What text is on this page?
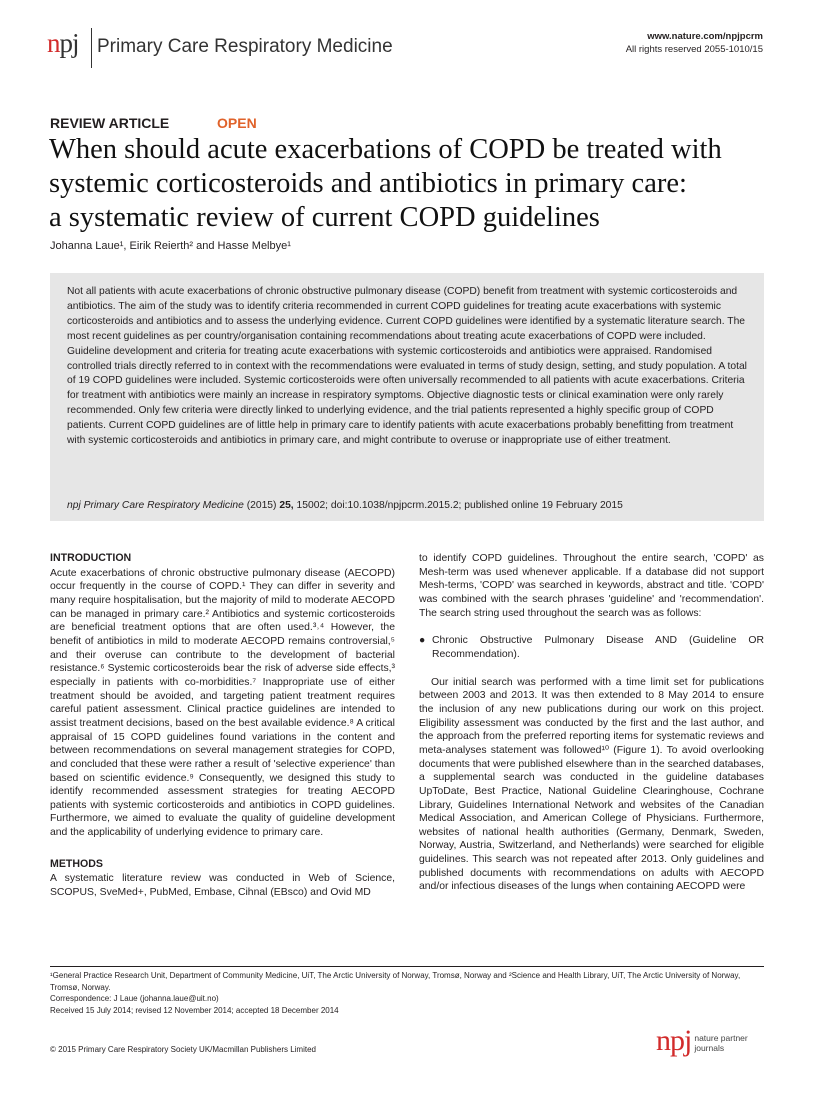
npj Primary Care Respiratory Medicine	www.nature.com/npjpcrm
All rights reserved 2055-1010/15
REVIEW ARTICLE	OPEN
When should acute exacerbations of COPD be treated with
systemic corticosteroids and antibiotics in primary care:
a systematic review of current COPD guidelines
Johanna Laue¹, Eirik Reierth² and Hasse Melbye¹
Not all patients with acute exacerbations of chronic obstructive pulmonary disease (COPD) benefit from treatment with systemic corticosteroids and antibiotics. The aim of the study was to identify criteria recommended in current COPD guidelines for treating acute exacerbations with systemic corticosteroids and antibiotics and to assess the underlying evidence. Current COPD guidelines were identified by a systematic literature search. The most recent guidelines as per country/organisation containing recommendations about treating acute exacerbations of COPD were included. Guideline development and criteria for treating acute exacerbations with systemic corticosteroids and antibiotics were appraised. Randomised controlled trials directly referred to in context with the recommendations were evaluated in terms of study design, setting, and study population. A total of 19 COPD guidelines were included. Systemic corticosteroids were often universally recommended to all patients with acute exacerbations. Criteria for treatment with antibiotics were mainly an increase in respiratory symptoms. Objective diagnostic tests or clinical examination were only rarely recommended. Only few criteria were directly linked to underlying evidence, and the trial patients represented a highly specific group of COPD patients. Current COPD guidelines are of little help in primary care to identify patients with acute exacerbations probably benefitting from treatment with systemic corticosteroids and antibiotics in primary care, and might contribute to overuse or inappropriate use of either treatment.
npj Primary Care Respiratory Medicine (2015) 25, 15002; doi:10.1038/npjpcrm.2015.2; published online 19 February 2015
INTRODUCTION

Acute exacerbations of chronic obstructive pulmonary disease (AECOPD) occur frequently in the course of COPD.¹ They can differ in severity and many require hospitalisation, but the majority of mild to moderate AECOPD can be managed in primary care.² Antibiotics and systemic corticosteroids are beneficial treatment options that are often used.³˒⁴ However, the benefit of antibiotics in mild to moderate AECOPD remains controversial,⁵ and their overuse can contribute to the development of bacterial resistance.⁶ Systemic corticosteroids bear the risk of adverse side effects,³ especially in patients with co-morbidities.⁷ Inappropriate use of either treatment should be avoided, and targeting patient treatment requires careful patient assessment. Clinical practice guidelines are intended to assist treatment decisions, based on the best available evidence.⁸ A critical appraisal of 15 COPD guidelines found variations in the content and between recommendations on several management strategies for COPD, and concluded that these were rather a result of 'selective experience' than based on scientific evidence.⁹ Consequently, we designed this study to identify recommended assessment strategies for treating AECOPD patients with systemic corticosteroids and antibiotics in COPD guidelines. Furthermore, we aimed to evaluate the quality of guideline development and the applicability of underlying evidence to primary care.

METHODS

A systematic literature review was conducted in Web of Science, SCOPUS, SveMed+, PubMed, Embase, Cihnal (EBsco) and Ovid MD

to identify COPD guidelines. Throughout the entire search, 'COPD' as Mesh-term was used whenever applicable. If a database did not support Mesh-terms, 'COPD' was searched in keywords, abstract and title. 'COPD' was combined with the search phrases 'guideline' and 'recommendation'. The search string used throughout the search was as follows:

● Chronic Obstructive Pulmonary Disease AND (Guideline OR Recommendation).

Our initial search was performed with a time limit set for publications between 2003 and 2013. It was then extended to 8 May 2014 to ensure the inclusion of any new publications during our work on this project. Eligibility assessment was conducted by the first and the last author, and the approach from the preferred reporting items for systematic reviews and meta-analyses statement was followed¹⁰ (Figure 1). To avoid overlooking documents that were published elsewhere than in the searched databases, a supplemental search was conducted in the guideline databases UpToDate, Best Practice, National Guideline Clearinghouse, Cochrane Library, Guidelines International Network and websites of the Canadian Medical Association, and American College of Physicians. Furthermore, websites of national health authorities (Germany, Denmark, Sweden, Norway, Austria, Switzerland, and Netherlands) were searched for eligible guidelines. This search was not repeated after 2013. Only guidelines and published documents with recommendations on adults with AECOPD and/or infectious diseases of the lungs when containing AECOPD were

¹General Practice Research Unit, Department of Community Medicine, UiT, The Arctic University of Norway, Tromsø, Norway and ²Science and Health Library, UiT, The Arctic University of Norway, Tromsø, Norway.
Correspondence: J Laue (johanna.laue@uit.no)
Received 15 July 2014; revised 12 November 2014; accepted 18 December 2014
© 2015 Primary Care Respiratory Society UK/Macmillan Publishers Limited	npj nature partner
journals
